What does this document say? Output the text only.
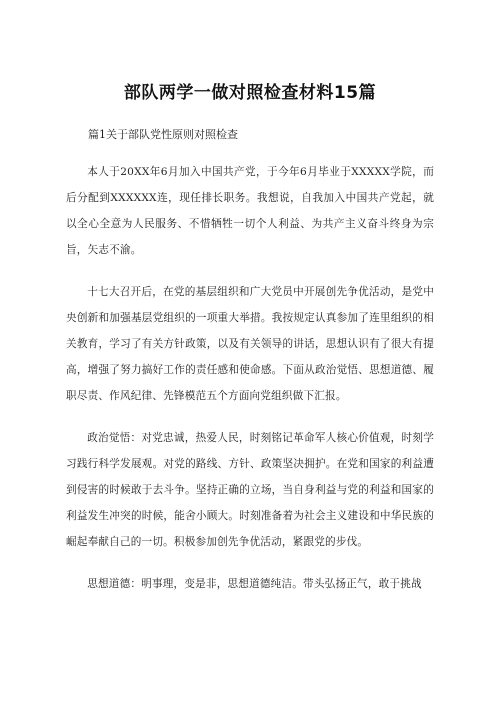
部队两学一做对照检查材料15篇
篇1关于部队党性原则对照检查

本人于20XX年6月加入中国共产党，于今年6月毕业于XXXXX学院，而后分配到XXXXXX连，现任排长职务。我想说，自我加入中国共产党起，就以全心全意为人民服务、不惜牺牲一切个人利益、为共产主义奋斗终身为宗旨，矢志不渝。

十七大召开后，在党的基层组织和广大党员中开展创先争优活动，是党中央创新和加强基层党组织的一项重大举措。我按规定认真参加了连里组织的相关教育，学习了有关方针政策，以及有关领导的讲话，思想认识有了很大有提高，增强了努力搞好工作的责任感和使命感。下面从政治觉悟、思想道德、履职尽责、作风纪律、先锋模范五个方面向党组织做下汇报。

政治觉悟：对党忠诚，热爱人民，时刻铭记革命军人核心价值观，时刻学习践行科学发展观。对党的路线、方针、政策坚决拥护。在党和国家的利益遭到侵害的时候敢于去斗争。坚持正确的立场，当自身利益与党的利益和国家的利益发生冲突的时候，能舍小顾大。时刻准备着为社会主义建设和中华民族的崛起奉献自己的一切。积极参加创先争优活动，紧跟党的步伐。

思想道德：明事理，变是非，思想道德纯洁。带头弘扬正气，敢于挑战
